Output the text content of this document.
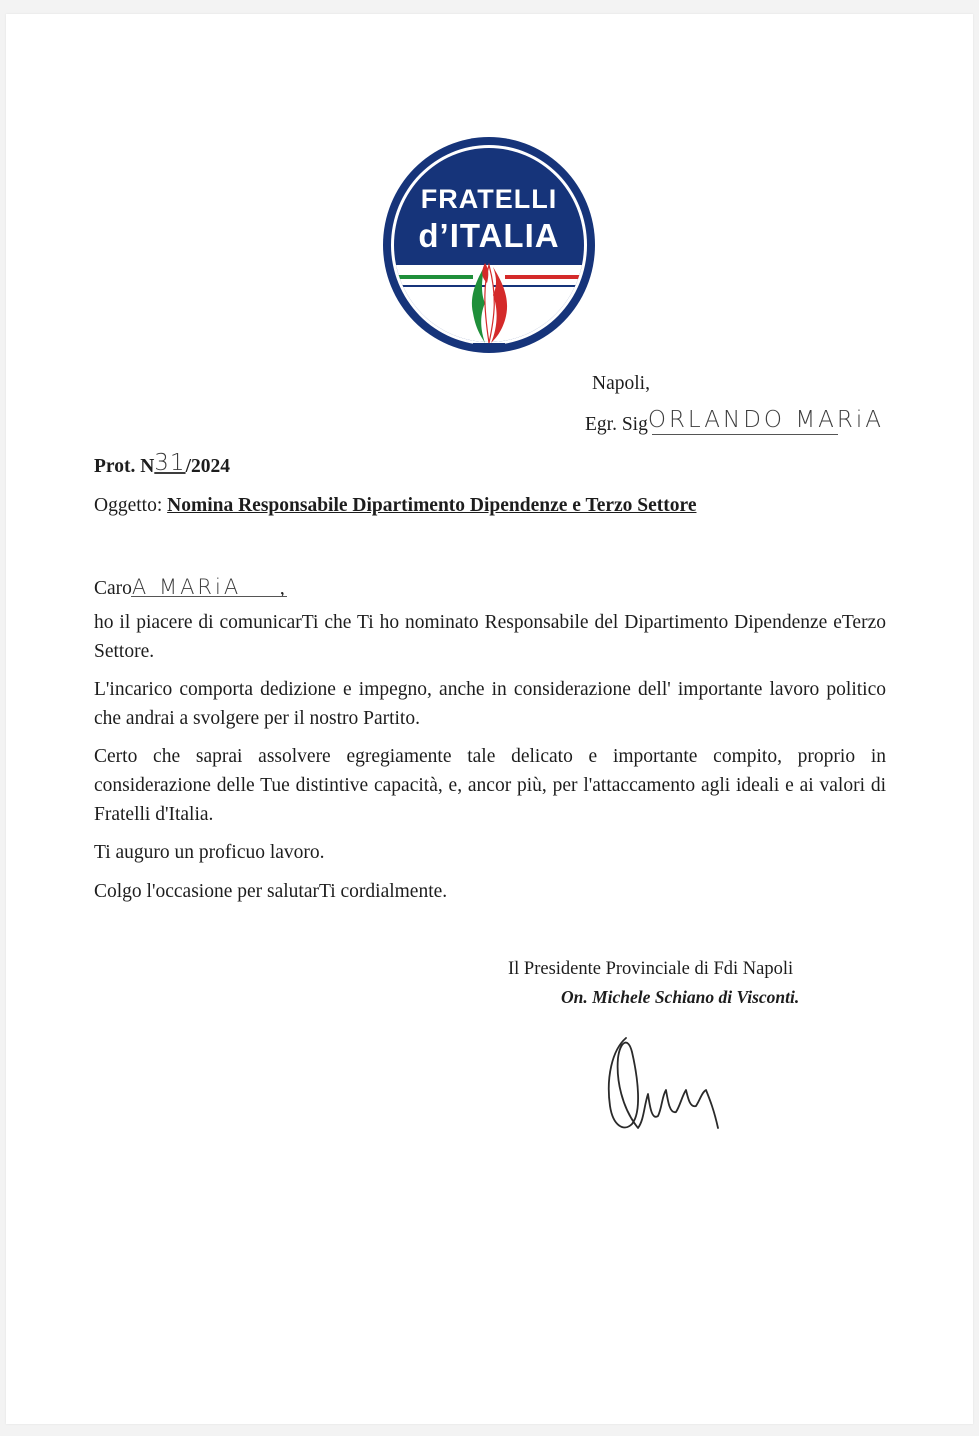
FRATELLI
d’ITALIA
Napoli,
Egr. SigORLANDO MARiA
Prot. N31/2024
Oggetto: Nomina Responsabile Dipartimento Dipendenze e Terzo Settore
CaroA MARiA ,
ho il piacere di comunicarTi che Ti ho nominato Responsabile del Dipartimento Dipendenze eTerzo Settore.
L'incarico comporta dedizione e impegno, anche in considerazione dell' importante lavoro politico che andrai a svolgere per il nostro Partito.
Certo che saprai assolvere egregiamente tale delicato e importante compito, proprio in considerazione delle Tue distintive capacità, e, ancor più, per l'attaccamento agli ideali e ai valori di Fratelli d'Italia.
Ti auguro un proficuo lavoro.
Colgo l'occasione per salutarTi cordialmente.
Il Presidente Provinciale di Fdi Napoli
On. Michele Schiano di Visconti.
